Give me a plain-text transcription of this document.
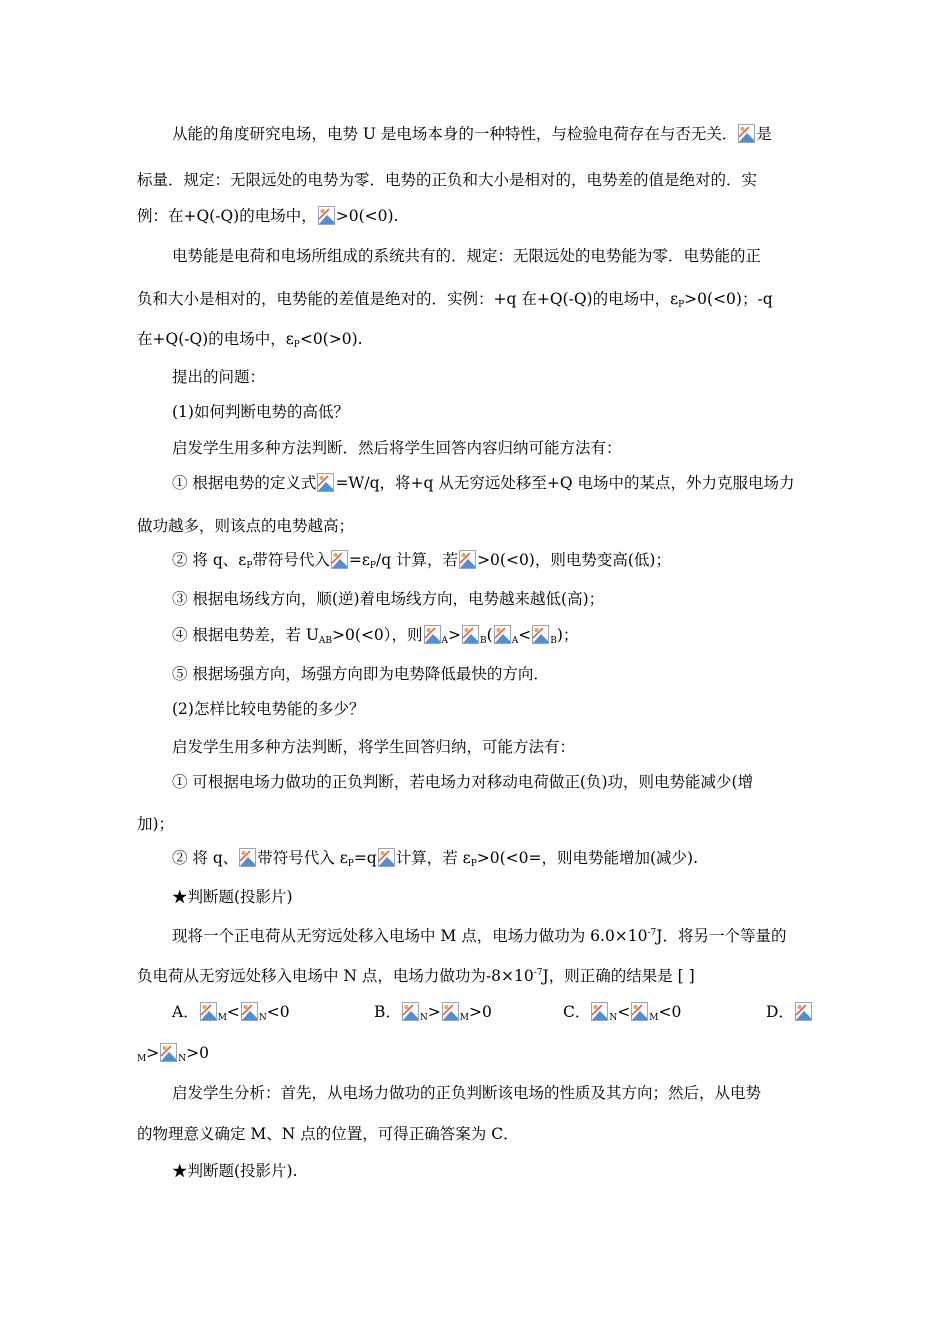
从能的角度研究电场，电势 U 是电场本身的一种特性，与检验电荷存在与否无关． 是
标量．规定：无限远处的电势为零．电势的正负和大小是相对的，电势差的值是绝对的．实
例：在+Q(-Q)的电场中， >0(<0).
电势能是电荷和电场所组成的系统共有的．规定：无限远处的电势能为零．电势能的正
负和大小是相对的，电势能的差值是绝对的．实例：+q 在+Q(-Q)的电场中，$\varepsilon_P>0(<0)$；-q
在+Q(-Q)的电场中，$\varepsilon_P<0(>0)$.
提出的问题：
(1)如何判断电势的高低？
启发学生用多种方法判断．然后将学生回答内容归纳可能方法有：
① 根据电势的定义式 =W/q，将+q 从无穷远处移至+Q 电场中的某点，外力克服电场力
做功越多，则该点的电势越高；
② 将 q、$\varepsilon_P$带符号代入 $=\varepsilon_P/q$ 计算，若 >0(<0)，则电势变高(低)；
③ 根据电场线方向，顺(逆)着电场线方向，电势越来越低(高)；
④ 根据电势差，若 $U_{AB}>0(<0)$，则 $_A$> $_B$( $_A$< $_B$)；
⑤ 根据场强方向，场强方向即为电势降低最快的方向．
(2)怎样比较电势能的多少？
启发学生用多种方法判断，将学生回答归纳，可能方法有：
① 可根据电场力做功的正负判断，若电场力对移动电荷做正(负)功，则电势能减少(增
加)；
② 将 q、 带符号代入 $\varepsilon_P=q$ 计算，若 $\varepsilon_P>0(<0=$，则电势能增加(减少).
★判断题(投影片)
现将一个正电荷从无穷远处移入电场中 M 点，电场力做功为 $6.0\times 10^{-7}J$．将另一个等量的
负电荷从无穷远处移入电场中 N 点，电场力做功为$-8\times 10^{-7}J$，则正确的结果是 [ ]
A． $_M$< $_N$<0	B． $_N$> $_M$>0	C． $_N$< $_M$<0	D．
$_M$> $_N$>0
启发学生分析：首先，从电场力做功的正负判断该电场的性质及其方向；然后，从电势
的物理意义确定 M、N 点的位置，可得正确答案为 C．
★判断题(投影片).
